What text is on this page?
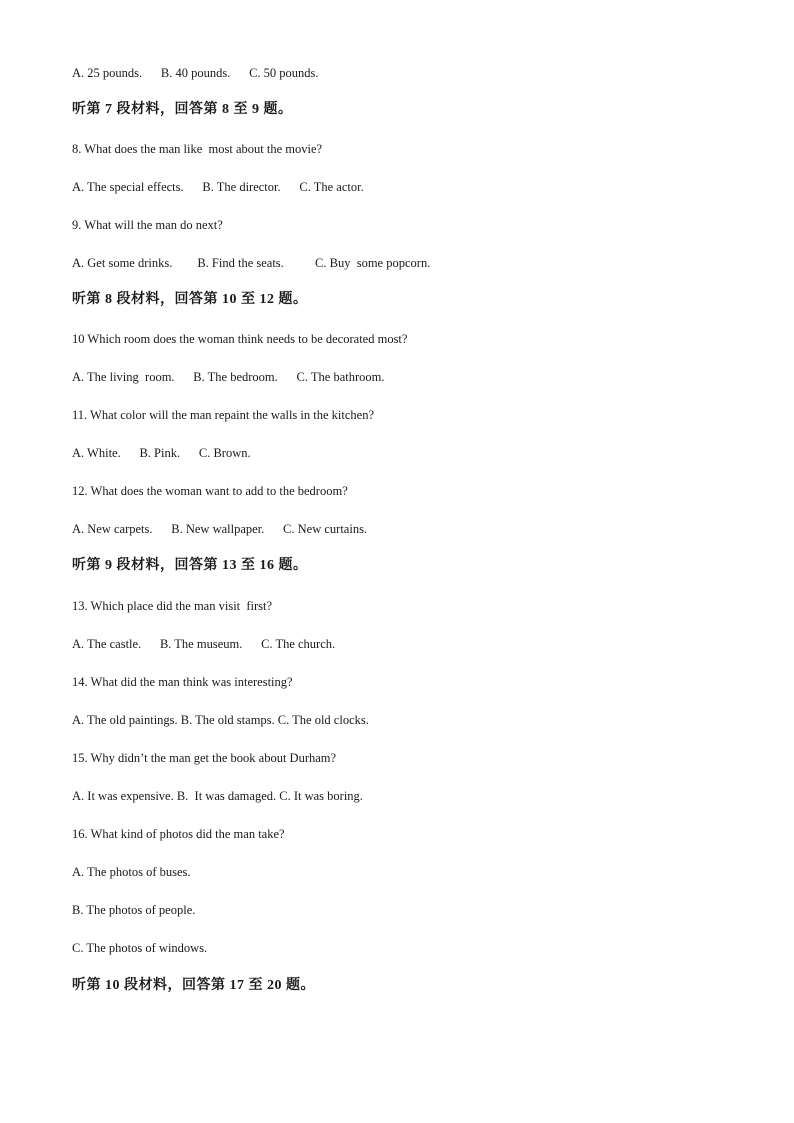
A. 25 pounds.      B. 40 pounds.      C. 50 pounds.
听第 7 段材料，回答第 8 至 9 题。
8. What does the man like  most about the movie?
A. The special effects.      B. The director.      C. The actor.
9. What will the man do next?
A. Get some drinks.        B. Find the seats.          C. Buy  some popcorn.
听第 8 段材料，回答第 10 至 12 题。
10 Which room does the woman think needs to be decorated most?
A. The living  room.      B. The bedroom.      C. The bathroom.
11. What color will the man repaint the walls in the kitchen?
A. White.      B. Pink.      C. Brown.
12. What does the woman want to add to the bedroom?
A. New carpets.      B. New wallpaper.      C. New curtains.
听第 9 段材料，回答第 13 至 16 题。
13. Which place did the man visit  first?
A. The castle.      B. The museum.      C. The church.
14. What did the man think was interesting?
A. The old paintings. B. The old stamps. C. The old clocks.
15. Why didn’t the man get the book about Durham?
A. It was expensive. B.  It was damaged. C. It was boring.
16. What kind of photos did the man take?
A. The photos of buses.
B. The photos of people.
C. The photos of windows.
听第 10 段材料，回答第 17 至 20 题。
